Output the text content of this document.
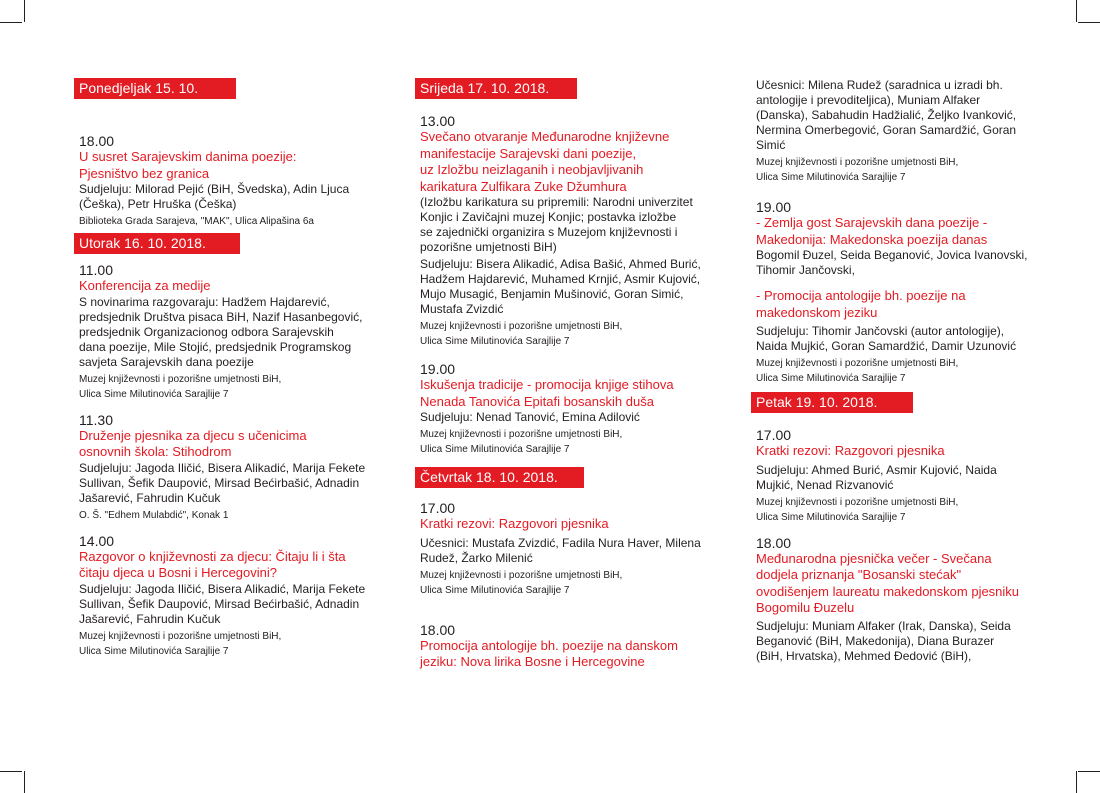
Ponedjeljak 15. 10. 2018.
18.00
U susret Sarajevskim danima poezije:
Pjesništvo bez granica
Sudjeluju: Milorad Pejić (BiH, Švedska), Adin Ljuca
(Češka), Petr Hruška (Češka)
Biblioteka Grada Sarajeva, "MAK", Ulica Alipašina 6a
Utorak 16. 10. 2018.
11.00
Konferencija za medije
S novinarima razgovaraju: Hadžem Hajdarević,
predsjednik Društva pisaca BiH, Nazif Hasanbegović,
predsjednik Organizacionog odbora Sarajevskih
dana poezije, Mile Stojić, predsjednik Programskog
savjeta Sarajevskih dana poezije
Muzej književnosti i pozorišne umjetnosti BiH,
Ulica Sime Milutinovića Sarajlije 7
11.30
Druženje pjesnika za djecu s učenicima
osnovnih škola: Stihodrom
Sudjeluju: Jagoda Iličić, Bisera Alikadić, Marija Fekete
Sullivan, Šefik Daupović, Mirsad Bećirbašić, Adnadin
Jašarević, Fahrudin Kučuk
O. Š. "Edhem Mulabdić", Konak 1
14.00
Razgovor o književnosti za djecu: Čitaju li i šta
čitaju djeca u Bosni i Hercegovini?
Sudjeluju: Jagoda Iličić, Bisera Alikadić, Marija Fekete
Sullivan, Šefik Daupović, Mirsad Bećirbašić, Adnadin
Jašarević, Fahrudin Kučuk
Muzej književnosti i pozorišne umjetnosti BiH,
Ulica Sime Milutinovića Sarajlije 7
Srijeda 17. 10. 2018.
13.00
Svečano otvaranje Međunarodne književne
manifestacije Sarajevski dani poezije,
uz Izložbu neizlaganih i neobjavljivanih
karikatura Zulfikara Zuke Džumhura
(Izložbu karikatura su pripremili: Narodni univerzitet
Konjic i Zavičajni muzej Konjic; postavka izložbe
se zajednički organizira s Muzejom književnosti i
pozorišne umjetnosti BiH)
Sudjeluju: Bisera Alikadić, Adisa Bašić, Ahmed Burić,
Hadžem Hajdarević, Muhamed Krnjić, Asmir Kujović,
Mujo Musagić, Benjamin Mušinović, Goran Simić,
Mustafa Zvizdić
Muzej književnosti i pozorišne umjetnosti BiH,
Ulica Sime Milutinovića Sarajlije 7
19.00
Iskušenja tradicije - promocija knjige stihova
Nenada Tanovića Epitafi bosanskih duša
Sudjeluju: Nenad Tanović, Emina Adilović
Muzej književnosti i pozorišne umjetnosti BiH,
Ulica Sime Milutinovića Sarajlije 7
Četvrtak 18. 10. 2018.
17.00
Kratki rezovi: Razgovori pjesnika
Učesnici: Mustafa Zvizdić, Fadila Nura Haver, Milena
Rudež, Žarko Milenić
Muzej književnosti i pozorišne umjetnosti BiH,
Ulica Sime Milutinovića Sarajlije 7
18.00
Promocija antologije bh. poezije na danskom
jeziku: Nova lirika Bosne i Hercegovine
Učesnici: Milena Rudež (saradnica u izradi bh.
antologije i prevoditeljica), Muniam Alfaker
(Danska), Sabahudin Hadžialić, Željko Ivanković,
Nermina Omerbegović, Goran Samardžić, Goran
Simić
Muzej književnosti i pozorišne umjetnosti BiH,
Ulica Sime Milutinovića Sarajlije 7
19.00
- Zemlja gost Sarajevskih dana poezije -
Makedonija: Makedonska poezija danas
Bogomil Đuzel, Seida Beganović, Jovica Ivanovski,
Tihomir Jančovski,
- Promocija antologije bh. poezije na
makedonskom jeziku
Sudjeluju: Tihomir Jančovski (autor antologije),
Naida Mujkić, Goran Samardžić, Damir Uzunović
Muzej književnosti i pozorišne umjetnosti BiH,
Ulica Sime Milutinovića Sarajlije 7
Petak 19. 10. 2018.
17.00
Kratki rezovi: Razgovori pjesnika
Sudjeluju: Ahmed Burić, Asmir Kujović, Naida
Mujkić, Nenad Rizvanović
Muzej književnosti i pozorišne umjetnosti BiH,
Ulica Sime Milutinovića Sarajlije 7
18.00
Međunarodna pjesnička večer - Svečana
dodjela priznanja "Bosanski stećak"
ovodišenjem laureatu makedonskom pjesniku
Bogomilu Đuzelu
Sudjeluju: Muniam Alfaker (Irak, Danska), Seida
Beganović (BiH, Makedonija), Diana Burazer
(BiH, Hrvatska), Mehmed Đedović (BiH),
